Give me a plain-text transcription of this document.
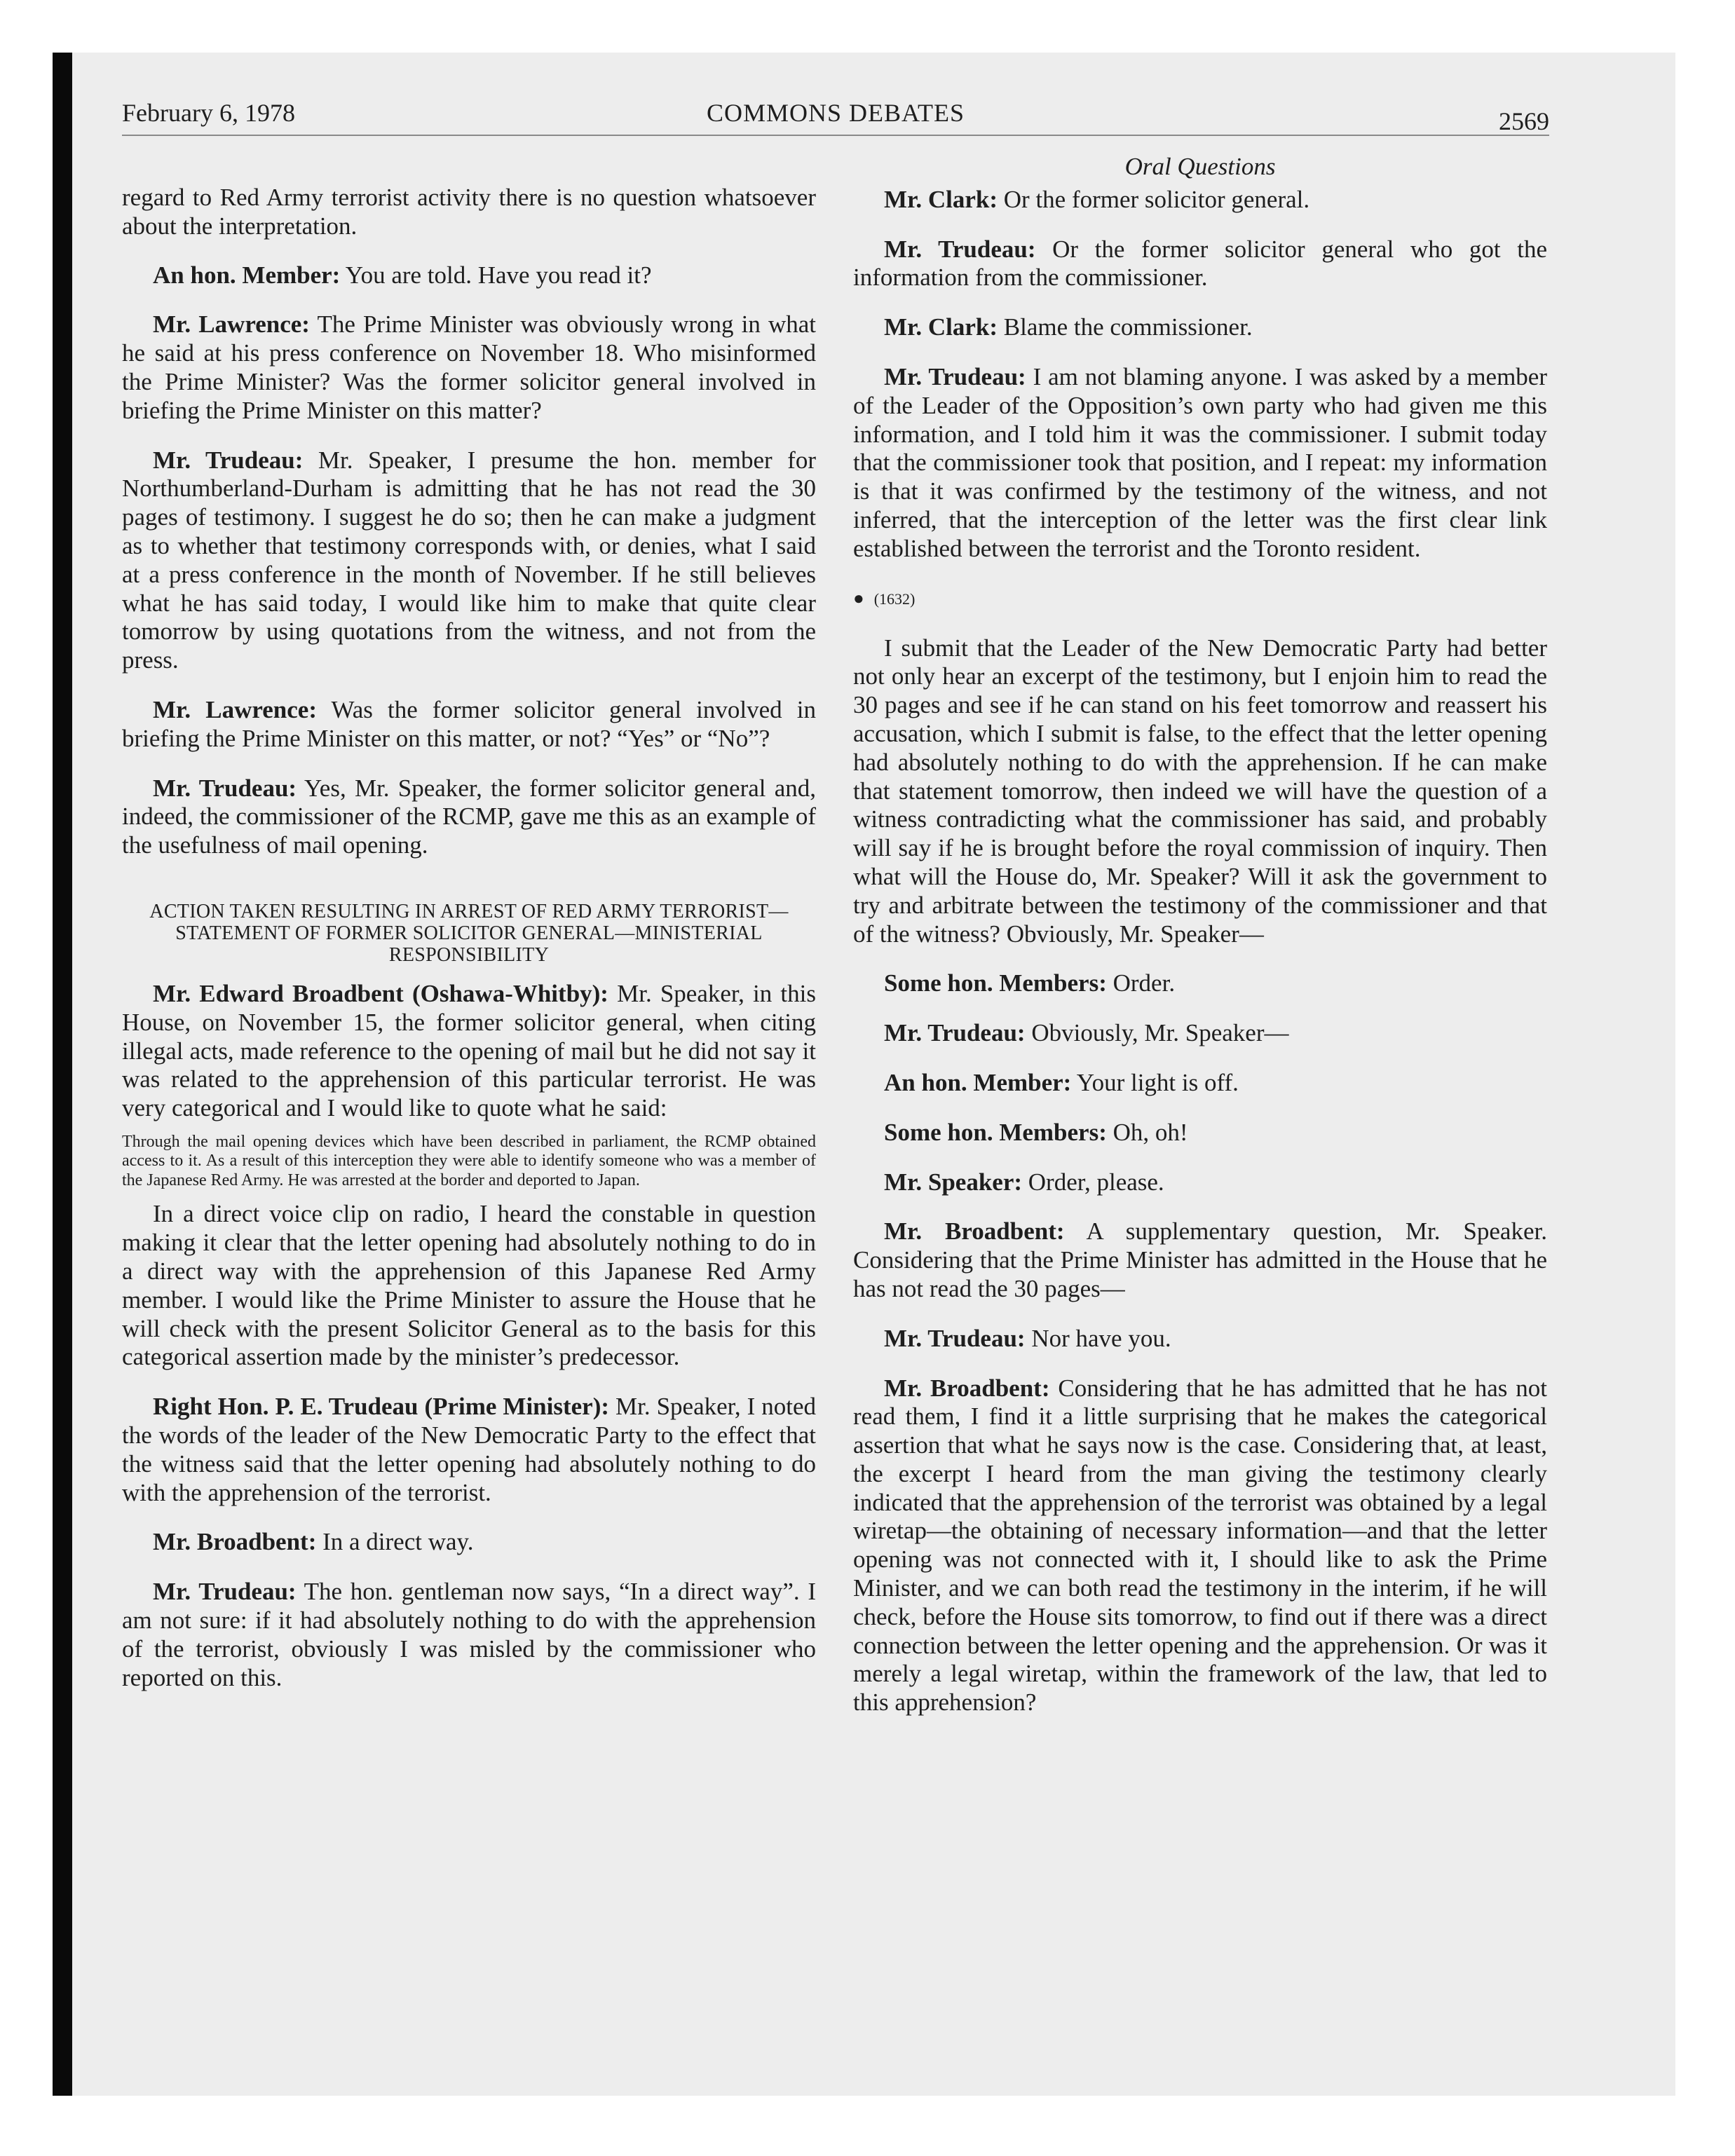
February 6, 1978	COMMONS DEBATES	2569

regard to Red Army terrorist activity there is no question whatsoever about the interpretation.

An hon. Member: You are told. Have you read it?

Mr. Lawrence: The Prime Minister was obviously wrong in what he said at his press conference on November 18. Who misinformed the Prime Minister? Was the former solicitor general involved in briefing the Prime Minister on this matter?

Mr. Trudeau: Mr. Speaker, I presume the hon. member for Northumberland-Durham is admitting that he has not read the 30 pages of testimony. I suggest he do so; then he can make a judgment as to whether that testimony corresponds with, or denies, what I said at a press conference in the month of November. If he still believes what he has said today, I would like him to make that quite clear tomorrow by using quotations from the witness, and not from the press.

Mr. Lawrence: Was the former solicitor general involved in briefing the Prime Minister on this matter, or not? “Yes” or “No”?

Mr. Trudeau: Yes, Mr. Speaker, the former solicitor general and, indeed, the commissioner of the RCMP, gave me this as an example of the usefulness of mail opening.

ACTION TAKEN RESULTING IN ARREST OF RED ARMY TERRORIST—STATEMENT OF FORMER SOLICITOR GENERAL—MINISTERIAL RESPONSIBILITY

Mr. Edward Broadbent (Oshawa-Whitby): Mr. Speaker, in this House, on November 15, the former solicitor general, when citing illegal acts, made reference to the opening of mail but he did not say it was related to the apprehension of this particular terrorist. He was very categorical and I would like to quote what he said:

Through the mail opening devices which have been described in parliament, the RCMP obtained access to it. As a result of this interception they were able to identify someone who was a member of the Japanese Red Army. He was arrested at the border and deported to Japan.

In a direct voice clip on radio, I heard the constable in question making it clear that the letter opening had absolutely nothing to do in a direct way with the apprehension of this Japanese Red Army member. I would like the Prime Minister to assure the House that he will check with the present Solicitor General as to the basis for this categorical assertion made by the minister’s predecessor.

Right Hon. P. E. Trudeau (Prime Minister): Mr. Speaker, I noted the words of the leader of the New Democratic Party to the effect that the witness said that the letter opening had absolutely nothing to do with the apprehension of the terrorist.

Mr. Broadbent: In a direct way.

Mr. Trudeau: The hon. gentleman now says, “In a direct way”. I am not sure: if it had absolutely nothing to do with the apprehension of the terrorist, obviously I was misled by the commissioner who reported on this.

Oral Questions

Mr. Clark: Or the former solicitor general.

Mr. Trudeau: Or the former solicitor general who got the information from the commissioner.

Mr. Clark: Blame the commissioner.

Mr. Trudeau: I am not blaming anyone. I was asked by a member of the Leader of the Opposition’s own party who had given me this information, and I told him it was the commissioner. I submit today that the commissioner took that position, and I repeat: my information is that it was confirmed by the testimony of the witness, and not inferred, that the interception of the letter was the first clear link established between the terrorist and the Toronto resident.

● (1632)

I submit that the Leader of the New Democratic Party had better not only hear an excerpt of the testimony, but I enjoin him to read the 30 pages and see if he can stand on his feet tomorrow and reassert his accusation, which I submit is false, to the effect that the letter opening had absolutely nothing to do with the apprehension. If he can make that statement tomorrow, then indeed we will have the question of a witness contradicting what the commissioner has said, and probably will say if he is brought before the royal commission of inquiry. Then what will the House do, Mr. Speaker? Will it ask the government to try and arbitrate between the testimony of the commissioner and that of the witness? Obviously, Mr. Speaker—

Some hon. Members: Order.

Mr. Trudeau: Obviously, Mr. Speaker—

An hon. Member: Your light is off.

Some hon. Members: Oh, oh!

Mr. Speaker: Order, please.

Mr. Broadbent: A supplementary question, Mr. Speaker. Considering that the Prime Minister has admitted in the House that he has not read the 30 pages—

Mr. Trudeau: Nor have you.

Mr. Broadbent: Considering that he has admitted that he has not read them, I find it a little surprising that he makes the categorical assertion that what he says now is the case. Considering that, at least, the excerpt I heard from the man giving the testimony clearly indicated that the apprehension of the terrorist was obtained by a legal wiretap—the obtaining of necessary information—and that the letter opening was not connected with it, I should like to ask the Prime Minister, and we can both read the testimony in the interim, if he will check, before the House sits tomorrow, to find out if there was a direct connection between the letter opening and the apprehension. Or was it merely a legal wiretap, within the framework of the law, that led to this apprehension?
